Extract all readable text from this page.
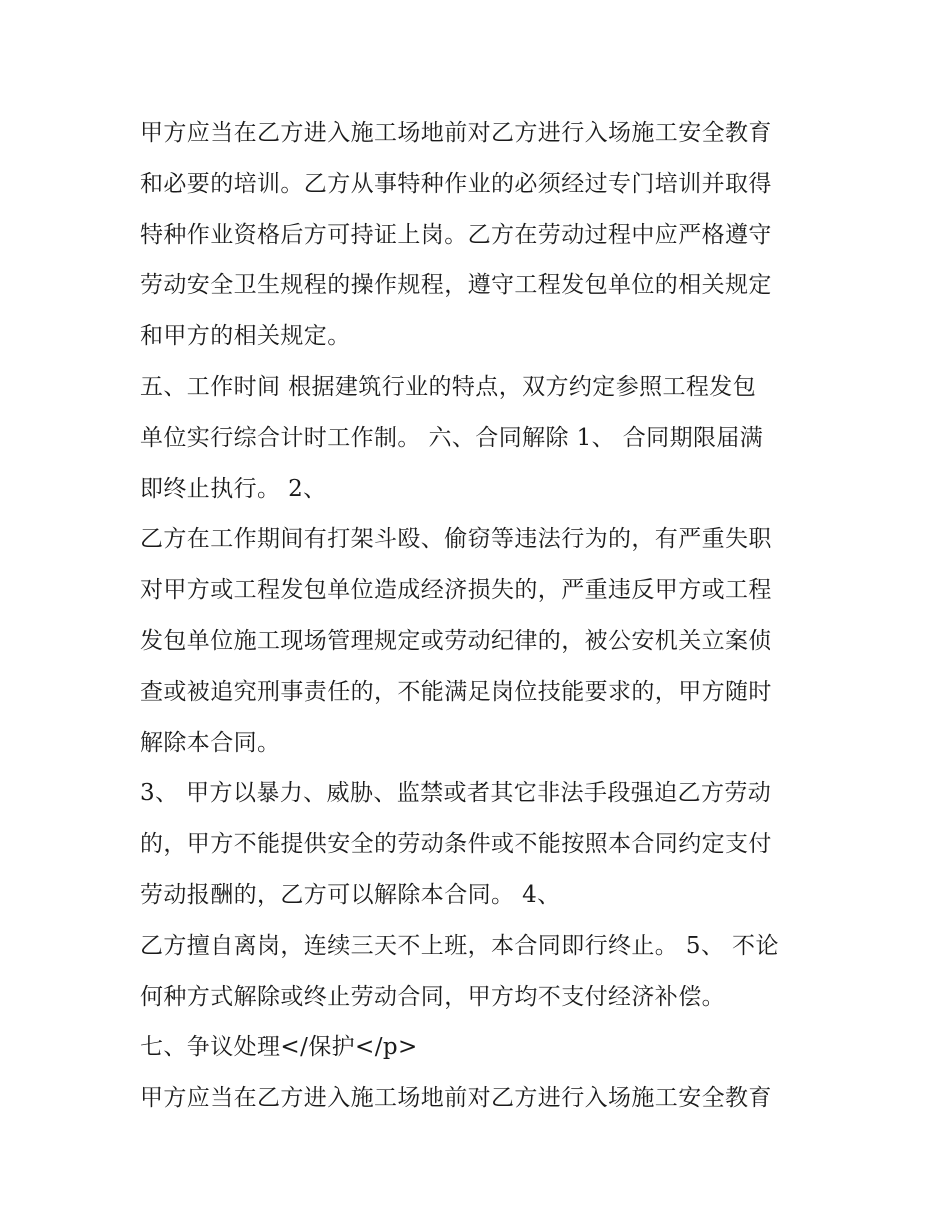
甲方应当在乙方进入施工场地前对乙方进行入场施工安全教育
和必要的培训。乙方从事特种作业的必须经过专门培训并取得
特种作业资格后方可持证上岗。乙方在劳动过程中应严格遵守
劳动安全卫生规程的操作规程，遵守工程发包单位的相关规定
和甲方的相关规定。
五、工作时间 根据建筑行业的特点，双方约定参照工程发包
单位实行综合计时工作制。 六、合同解除 1、 合同期限届满
即终止执行。 2、
乙方在工作期间有打架斗殴、偷窃等违法行为的，有严重失职
对甲方或工程发包单位造成经济损失的，严重违反甲方或工程
发包单位施工现场管理规定或劳动纪律的，被公安机关立案侦
查或被追究刑事责任的，不能满足岗位技能要求的，甲方随时
解除本合同。
3、 甲方以暴力、威胁、监禁或者其它非法手段强迫乙方劳动
的，甲方不能提供安全的劳动条件或不能按照本合同约定支付
劳动报酬的，乙方可以解除本合同。 4、
乙方擅自离岗，连续三天不上班，本合同即行终止。 5、 不论
何种方式解除或终止劳动合同，甲方均不支付经济补偿。
七、争议处理</保护</p>
甲方应当在乙方进入施工场地前对乙方进行入场施工安全教育
